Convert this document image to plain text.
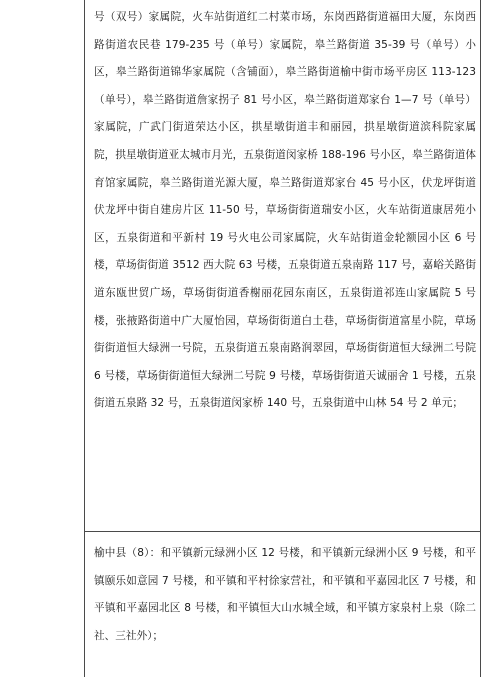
号（双号）家属院，火车站街道红二村菜市场，东岗西路街道福田大厦，东岗西路街道农民巷 179-235 号（单号）家属院，皋兰路街道 35-39 号（单号）小区，皋兰路街道锦华家属院（含铺面），皋兰路街道榆中街市场平房区 113-123（单号），皋兰路街道詹家拐子 81 号小区，皋兰路街道郑家台 1—7 号（单号）家属院，广武门街道荣达小区，拱星墩街道丰和丽园，拱星墩街道滨科院家属院，拱星墩街道亚太城市月光，五泉街道闵家桥 188-196 号小区，皋兰路街道体育馆家属院，皋兰路街道光源大厦，皋兰路街道郑家台 45 号小区，伏龙坪街道伏龙坪中街自建房片区 11-50 号，草场街街道瑞安小区，火车站街道康居苑小区，五泉街道和平新村 19 号火电公司家属院，火车站街道金轮额园小区 6 号楼，草场街街道 3512 西大院 63 号楼，五泉街道五泉南路 117 号，嘉峪关路街道东瓯世贸广场，草场街街道香榭丽花园东南区，五泉街道祁连山家属院 5 号楼，张掖路街道中广大厦怡园，草场街街道白土巷，草场街街道富星小院，草场街街道恒大绿洲一号院，五泉街道五泉南路润翠园，草场街街道恒大绿洲二号院 6 号楼，草场街街道恒大绿洲二号院 9 号楼，草场街街道天诚丽舍 1 号楼，五泉街道五泉路 32 号，五泉街道闵家桥 140 号，五泉街道中山林 54 号 2 单元；

榆中县（8）：和平镇新元绿洲小区 12 号楼，和平镇新元绿洲小区 9 号楼，和平镇颐乐如意园 7 号楼，和平镇和平村徐家营社，和平镇和平嘉园北区 7 号楼，和平镇和平嘉园北区 8 号楼，和平镇恒大山水城全域，和平镇方家泉村上泉（除二社、三社外）；
